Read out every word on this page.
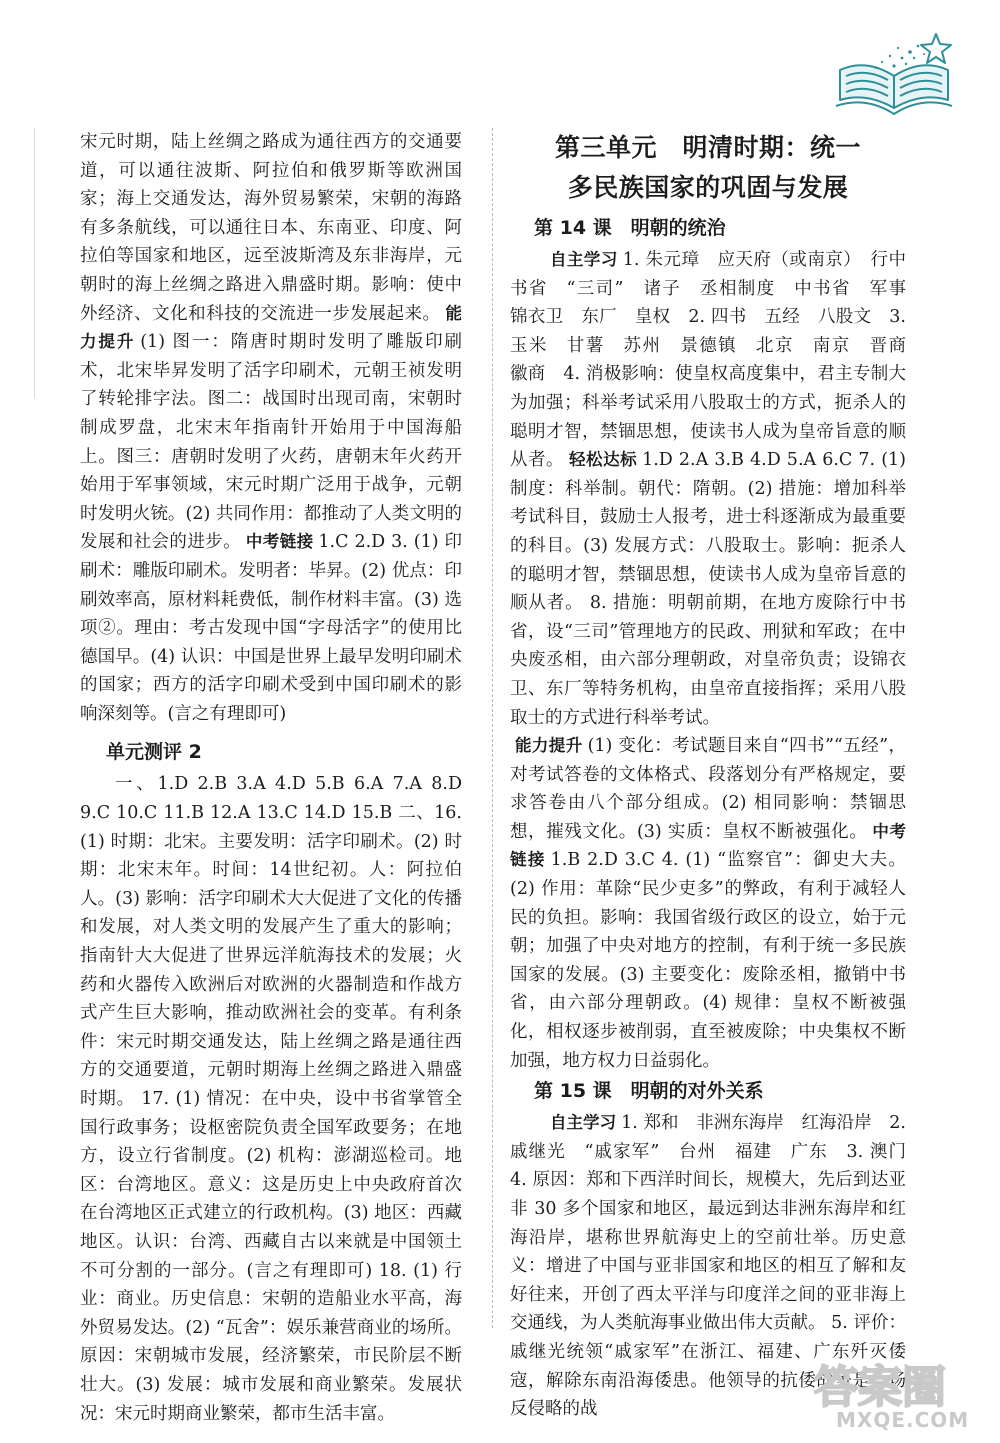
宋元时期，陆上丝绸之路成为通往西方的交通要道，可以通往波斯、阿拉伯和俄罗斯等欧洲国家；海上交通发达，海外贸易繁荣，宋朝的海路有多条航线，可以通往日本、东南亚、印度、阿拉伯等国家和地区，远至波斯湾及东非海岸，元朝时的海上丝绸之路进入鼎盛时期。影响：使中外经济、文化和科技的交流进一步发展起来。 能力提升 (1) 图一：隋唐时期时发明了雕版印刷术，北宋毕昇发明了活字印刷术，元朝王祯发明了转轮排字法。图二：战国时出现司南，宋朝时制成罗盘，北宋末年指南针开始用于中国海船上。图三：唐朝时发明了火药，唐朝末年火药开始用于军事领域，宋元时期广泛用于战争，元朝时发明火铳。(2) 共同作用：都推动了人类文明的发展和社会的进步。 中考链接 1.C 2.D 3. (1) 印刷术：雕版印刷术。发明者：毕昇。(2) 优点：印刷效率高，原材料耗费低，制作材料丰富。(3) 选项②。理由：考古发现中国“字母活字”的使用比德国早。(4) 认识：中国是世界上最早发明印刷术的国家；西方的活字印刷术受到中国印刷术的影响深刻等。(言之有理即可)

单元测评 2

一、1.D 2.B 3.A 4.D 5.B 6.A 7.A 8.D 9.C 10.C 11.B 12.A 13.C 14.D 15.B 二、16. (1) 时期：北宋。主要发明：活字印刷术。(2) 时期：北宋末年。时间：14世纪初。人：阿拉伯人。(3) 影响：活字印刷术大大促进了文化的传播和发展，对人类文明的发展产生了重大的影响；指南针大大促进了世界远洋航海技术的发展；火药和火器传入欧洲后对欧洲的火器制造和作战方式产生巨大影响，推动欧洲社会的变革。有利条件：宋元时期交通发达，陆上丝绸之路是通往西方的交通要道，元朝时期海上丝绸之路进入鼎盛时期。 17. (1) 情况：在中央，设中书省掌管全国行政事务；设枢密院负责全国军政要务；在地方，设立行省制度。(2) 机构：澎湖巡检司。地区：台湾地区。意义：这是历史上中央政府首次在台湾地区正式建立的行政机构。(3) 地区：西藏地区。认识：台湾、西藏自古以来就是中国领土不可分割的一部分。(言之有理即可) 18. (1) 行业：商业。历史信息：宋朝的造船业水平高，海外贸易发达。(2) “瓦舍”：娱乐兼营商业的场所。原因：宋朝城市发展，经济繁荣，市民阶层不断壮大。(3) 发展：城市发展和商业繁荣。发展状况：宋元时期商业繁荣，都市生活丰富。

第三单元　明清时期：统一
多民族国家的巩固与发展
第 14 课　明朝的统治

自主学习 1. 朱元璋　应天府（或南京）　行中书省　“三司”　诸子　丞相制度　中书省　军事　锦衣卫　东厂　皇权　2. 四书　五经　八股文　3. 玉米　甘薯　苏州　景德镇　北京　南京　晋商　徽商　4. 消极影响：使皇权高度集中，君主专制大为加强；科举考试采用八股取士的方式，扼杀人的聪明才智，禁锢思想，使读书人成为皇帝旨意的顺从者。 轻松达标 1.D 2.A 3.B 4.D 5.A 6.C 7. (1) 制度：科举制。朝代：隋朝。(2) 措施：增加科举考试科目，鼓励士人报考，进士科逐渐成为最重要的科目。(3) 发展方式：八股取士。影响：扼杀人的聪明才智，禁锢思想，使读书人成为皇帝旨意的顺从者。 8. 措施：明朝前期，在地方废除行中书省，设“三司”管理地方的民政、刑狱和军政；在中央废丞相，由六部分理朝政，对皇帝负责；设锦衣卫、东厂等特务机构，由皇帝直接指挥；采用八股取士的方式进行科举考试。

能力提升 (1) 变化：考试题目来自“四书”“五经”，对考试答卷的文体格式、段落划分有严格规定，要求答卷由八个部分组成。(2) 相同影响：禁锢思想，摧残文化。(3) 实质：皇权不断被强化。 中考链接 1.B 2.D 3.C 4. (1) “监察官”：御史大夫。(2) 作用：革除“民少吏多”的弊政，有利于减轻人民的负担。影响：我国省级行政区的设立，始于元朝；加强了中央对地方的控制，有利于统一多民族国家的发展。(3) 主要变化：废除丞相，撤销中书省，由六部分理朝政。(4) 规律：皇权不断被强化，相权逐步被削弱，直至被废除；中央集权不断加强，地方权力日益弱化。

第 15 课　明朝的对外关系

自主学习 1. 郑和　非洲东海岸　红海沿岸　2. 戚继光　“戚家军”　台州　福建　广东　3. 澳门　4. 原因：郑和下西洋时间长，规模大，先后到达亚非 30 多个国家和地区，最远到达非洲东海岸和红海沿岸，堪称世界航海史上的空前壮举。历史意义：增进了中国与亚非国家和地区的相互了解和友好往来，开创了西太平洋与印度洋之间的亚非海上交通线，为人类航海事业做出伟大贡献。 5. 评价：戚继光统领“戚家军”在浙江、福建、广东歼灭倭寇，解除东南沿海倭患。他领导的抗倭战争是一场反侵略的战	答案圈
MXQE.COM
